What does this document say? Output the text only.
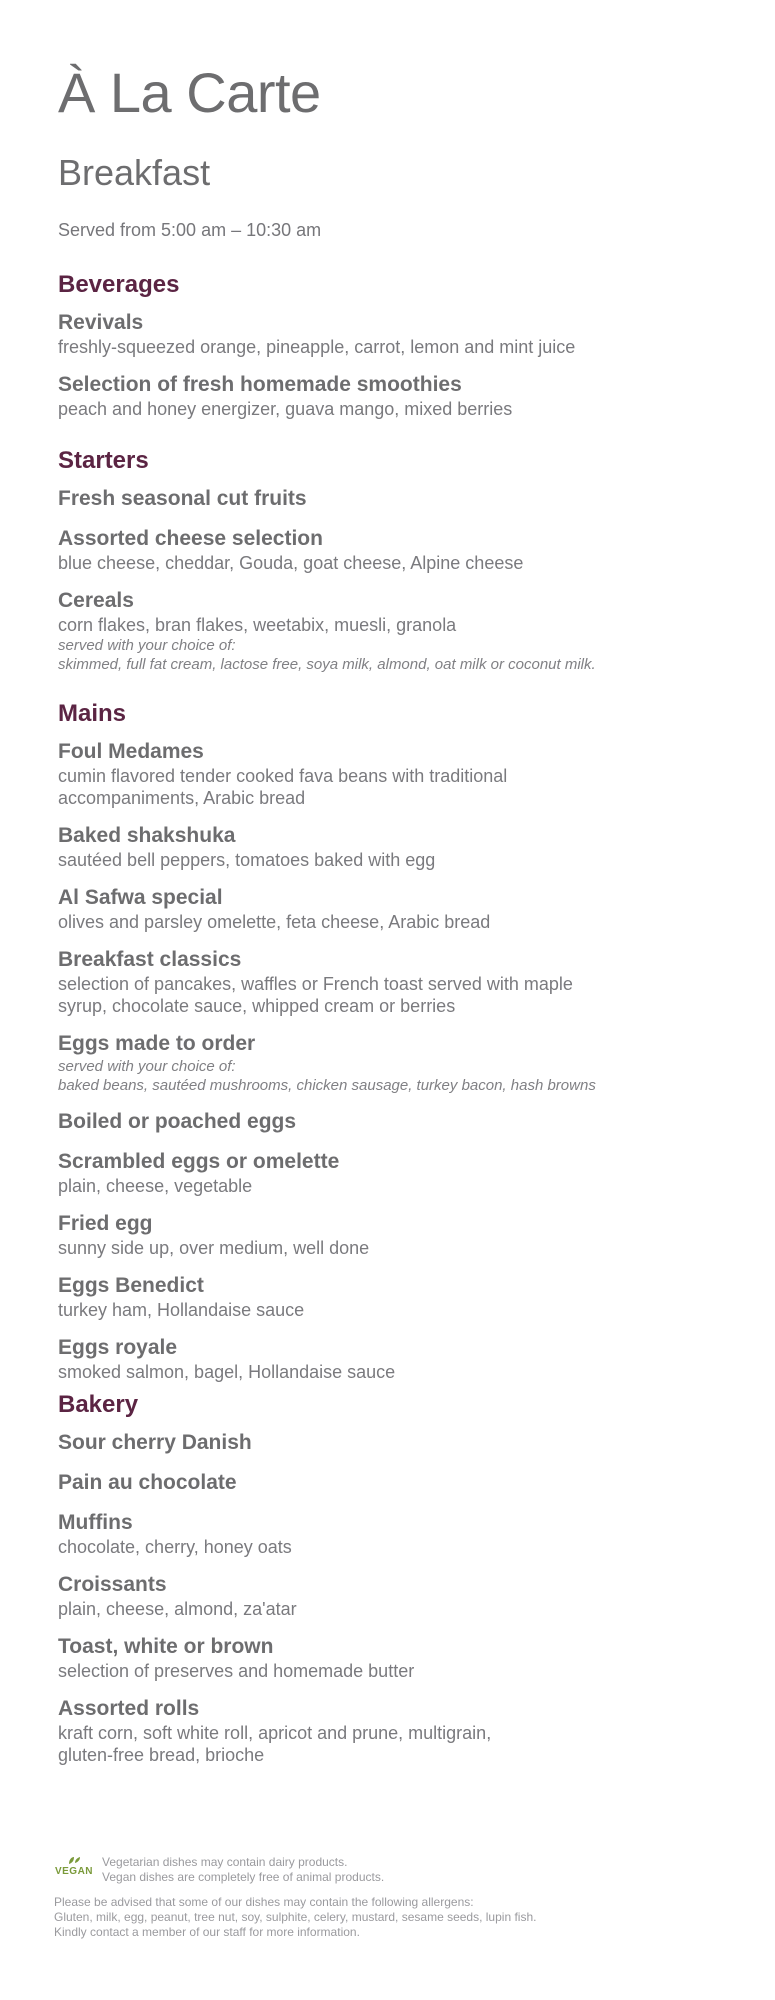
À La Carte
Breakfast

Served from 5:00 am – 10:30 am

Beverages

Revivals

freshly-squeezed orange, pineapple, carrot, lemon and mint juice

Selection of fresh homemade smoothies

peach and honey energizer, guava mango, mixed berries

Starters

Fresh seasonal cut fruits

Assorted cheese selection

blue cheese, cheddar, Gouda, goat cheese, Alpine cheese

Cereals

corn flakes, bran flakes, weetabix, muesli, granola

served with your choice of:

skimmed, full fat cream, lactose free, soya milk, almond, oat milk or coconut milk.

Mains

Foul Medames

cumin flavored tender cooked fava beans with traditional

accompaniments, Arabic bread

Baked shakshuka

sautéed bell peppers, tomatoes baked with egg

Al Safwa special

olives and parsley omelette, feta cheese, Arabic bread

Breakfast classics

selection of pancakes, waffles or French toast served with maple

syrup, chocolate sauce, whipped cream or berries

Eggs made to order

served with your choice of:

baked beans, sautéed mushrooms, chicken sausage, turkey bacon, hash browns

Boiled or poached eggs

Scrambled eggs or omelette

plain, cheese, vegetable

Fried egg

sunny side up, over medium, well done

Eggs Benedict

turkey ham, Hollandaise sauce

Eggs royale

smoked salmon, bagel, Hollandaise sauce

Bakery

Sour cherry Danish

Pain au chocolate

Muffins

chocolate, cherry, honey oats

Croissants

plain, cheese, almond, za'atar

Toast, white or brown

selection of preserves and homemade butter

Assorted rolls

kraft corn, soft white roll, apricot and prune, multigrain,

gluten-free bread, brioche

VEGAN
Vegetarian dishes may contain dairy products.
Vegan dishes are completely free of animal products.
Please be advised that some of our dishes may contain the following allergens:
Gluten, milk, egg, peanut, tree nut, soy, sulphite, celery, mustard, sesame seeds, lupin fish.
Kindly contact a member of our staff for more information.
